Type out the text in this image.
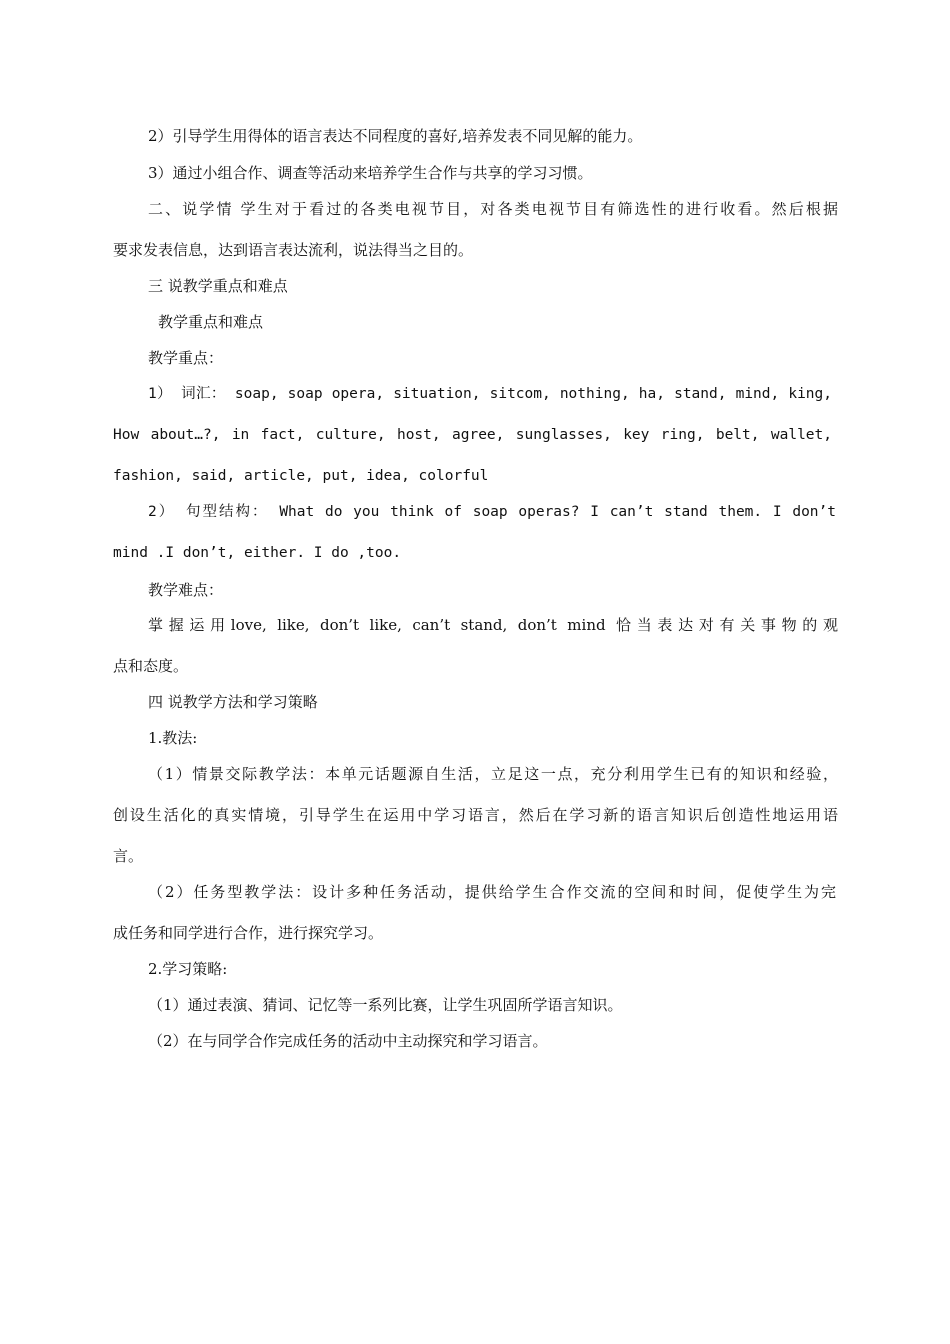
2）引导学生用得体的语言表达不同程度的喜好,培养发表不同见解的能力。
3）通过小组合作、调查等活动来培养学生合作与共享的学习习惯。
二、说学情 学生对于看过的各类电视节目，对各类电视节目有筛选性的进行收看。然后根据
要求发表信息，达到语言表达流利，说法得当之目的。
三 说教学重点和难点
教学重点和难点
教学重点：
1） 词汇： soap, soap opera, situation, sitcom, nothing, ha, stand, mind, king,
How about…?, in fact, culture, host, agree, sunglasses, key ring, belt, wallet,
fashion, said, article, put, idea, colorful
2） 句型结构： What do you think of soap operas? I can’t stand them. I don’t
mind .I don’t, either. I do ,too.
教学难点：
掌握运用love, like, don’t like, can’t stand, don’t mind 恰当表达对有关事物的观
点和态度。
四 说教学方法和学习策略
1.教法:
（1）情景交际教学法：本单元话题源自生活，立足这一点，充分利用学生已有的知识和经验，
创设生活化的真实情境，引导学生在运用中学习语言，然后在学习新的语言知识后创造性地运用语
言。
（2）任务型教学法：设计多种任务活动，提供给学生合作交流的空间和时间，促使学生为完
成任务和同学进行合作，进行探究学习。
2.学习策略:
（1）通过表演、猜词、记忆等一系列比赛，让学生巩固所学语言知识。
（2）在与同学合作完成任务的活动中主动探究和学习语言。
